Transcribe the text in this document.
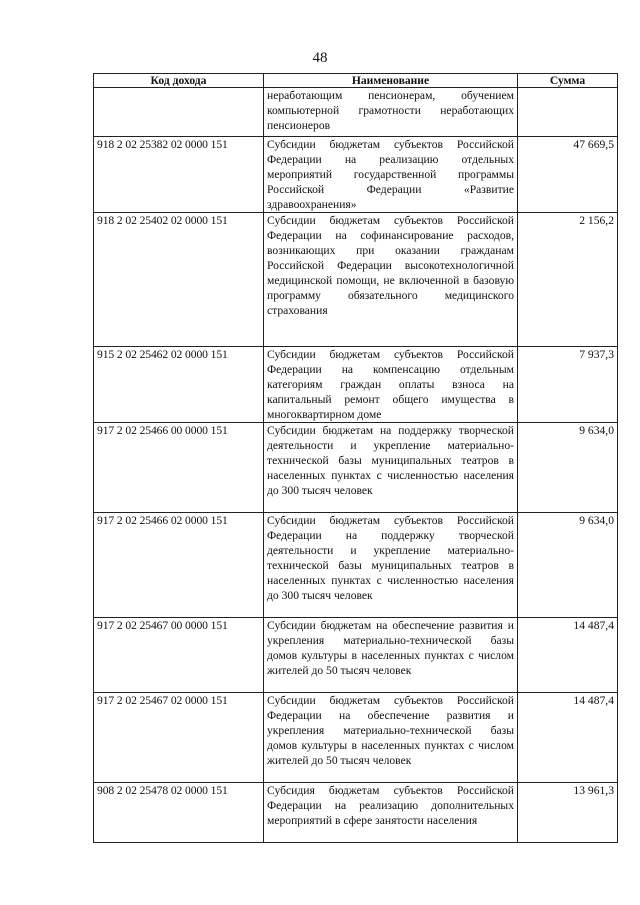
48
Код дохода	Наименование	Сумма
	неработающим пенсионерам, обучением компьютерной грамотности неработающих пенсионеров	
918 2 02 25382 02 0000 151	Субсидии бюджетам субъектов Российской Федерации на реализацию отдельных мероприятий государственной программы Российской Федерации «Развитие здравоохранения»	47 669,5
918 2 02 25402 02 0000 151	Субсидии бюджетам субъектов Российской Федерации на софинансирование расходов, возникающих при оказании гражданам Российской Федерации высокотехнологичной медицинской помощи, не включенной в базовую программу обязательного медицинского страхования	2 156,2
915 2 02 25462 02 0000 151	Субсидии бюджетам субъектов Российской Федерации на компенсацию отдельным категориям граждан оплаты взноса на капитальный ремонт общего имущества в многоквартирном доме	7 937,3
917 2 02 25466 00 0000 151	Субсидии бюджетам на поддержку творческой деятельности и укрепление материально-технической базы муниципальных театров в населенных пунктах с численностью населения до 300 тысяч человек	9 634,0
917 2 02 25466 02 0000 151	Субсидии бюджетам субъектов Российской Федерации на поддержку творческой деятельности и укрепление материально-технической базы муниципальных театров в населенных пунктах с численностью населения до 300 тысяч человек	9 634,0
917 2 02 25467 00 0000 151	Субсидии бюджетам на обеспечение развития и укрепления материально-технической базы домов культуры в населенных пунктах с числом жителей до 50 тысяч человек	14 487,4
917 2 02 25467 02 0000 151	Субсидии бюджетам субъектов Российской Федерации на обеспечение развития и укрепления материально-технической базы домов культуры в населенных пунктах с числом жителей до 50 тысяч человек	14 487,4
908 2 02 25478 02 0000 151	Субсидия бюджетам субъектов Российской Федерации на реализацию дополнительных мероприятий в сфере занятости населения	13 961,3
